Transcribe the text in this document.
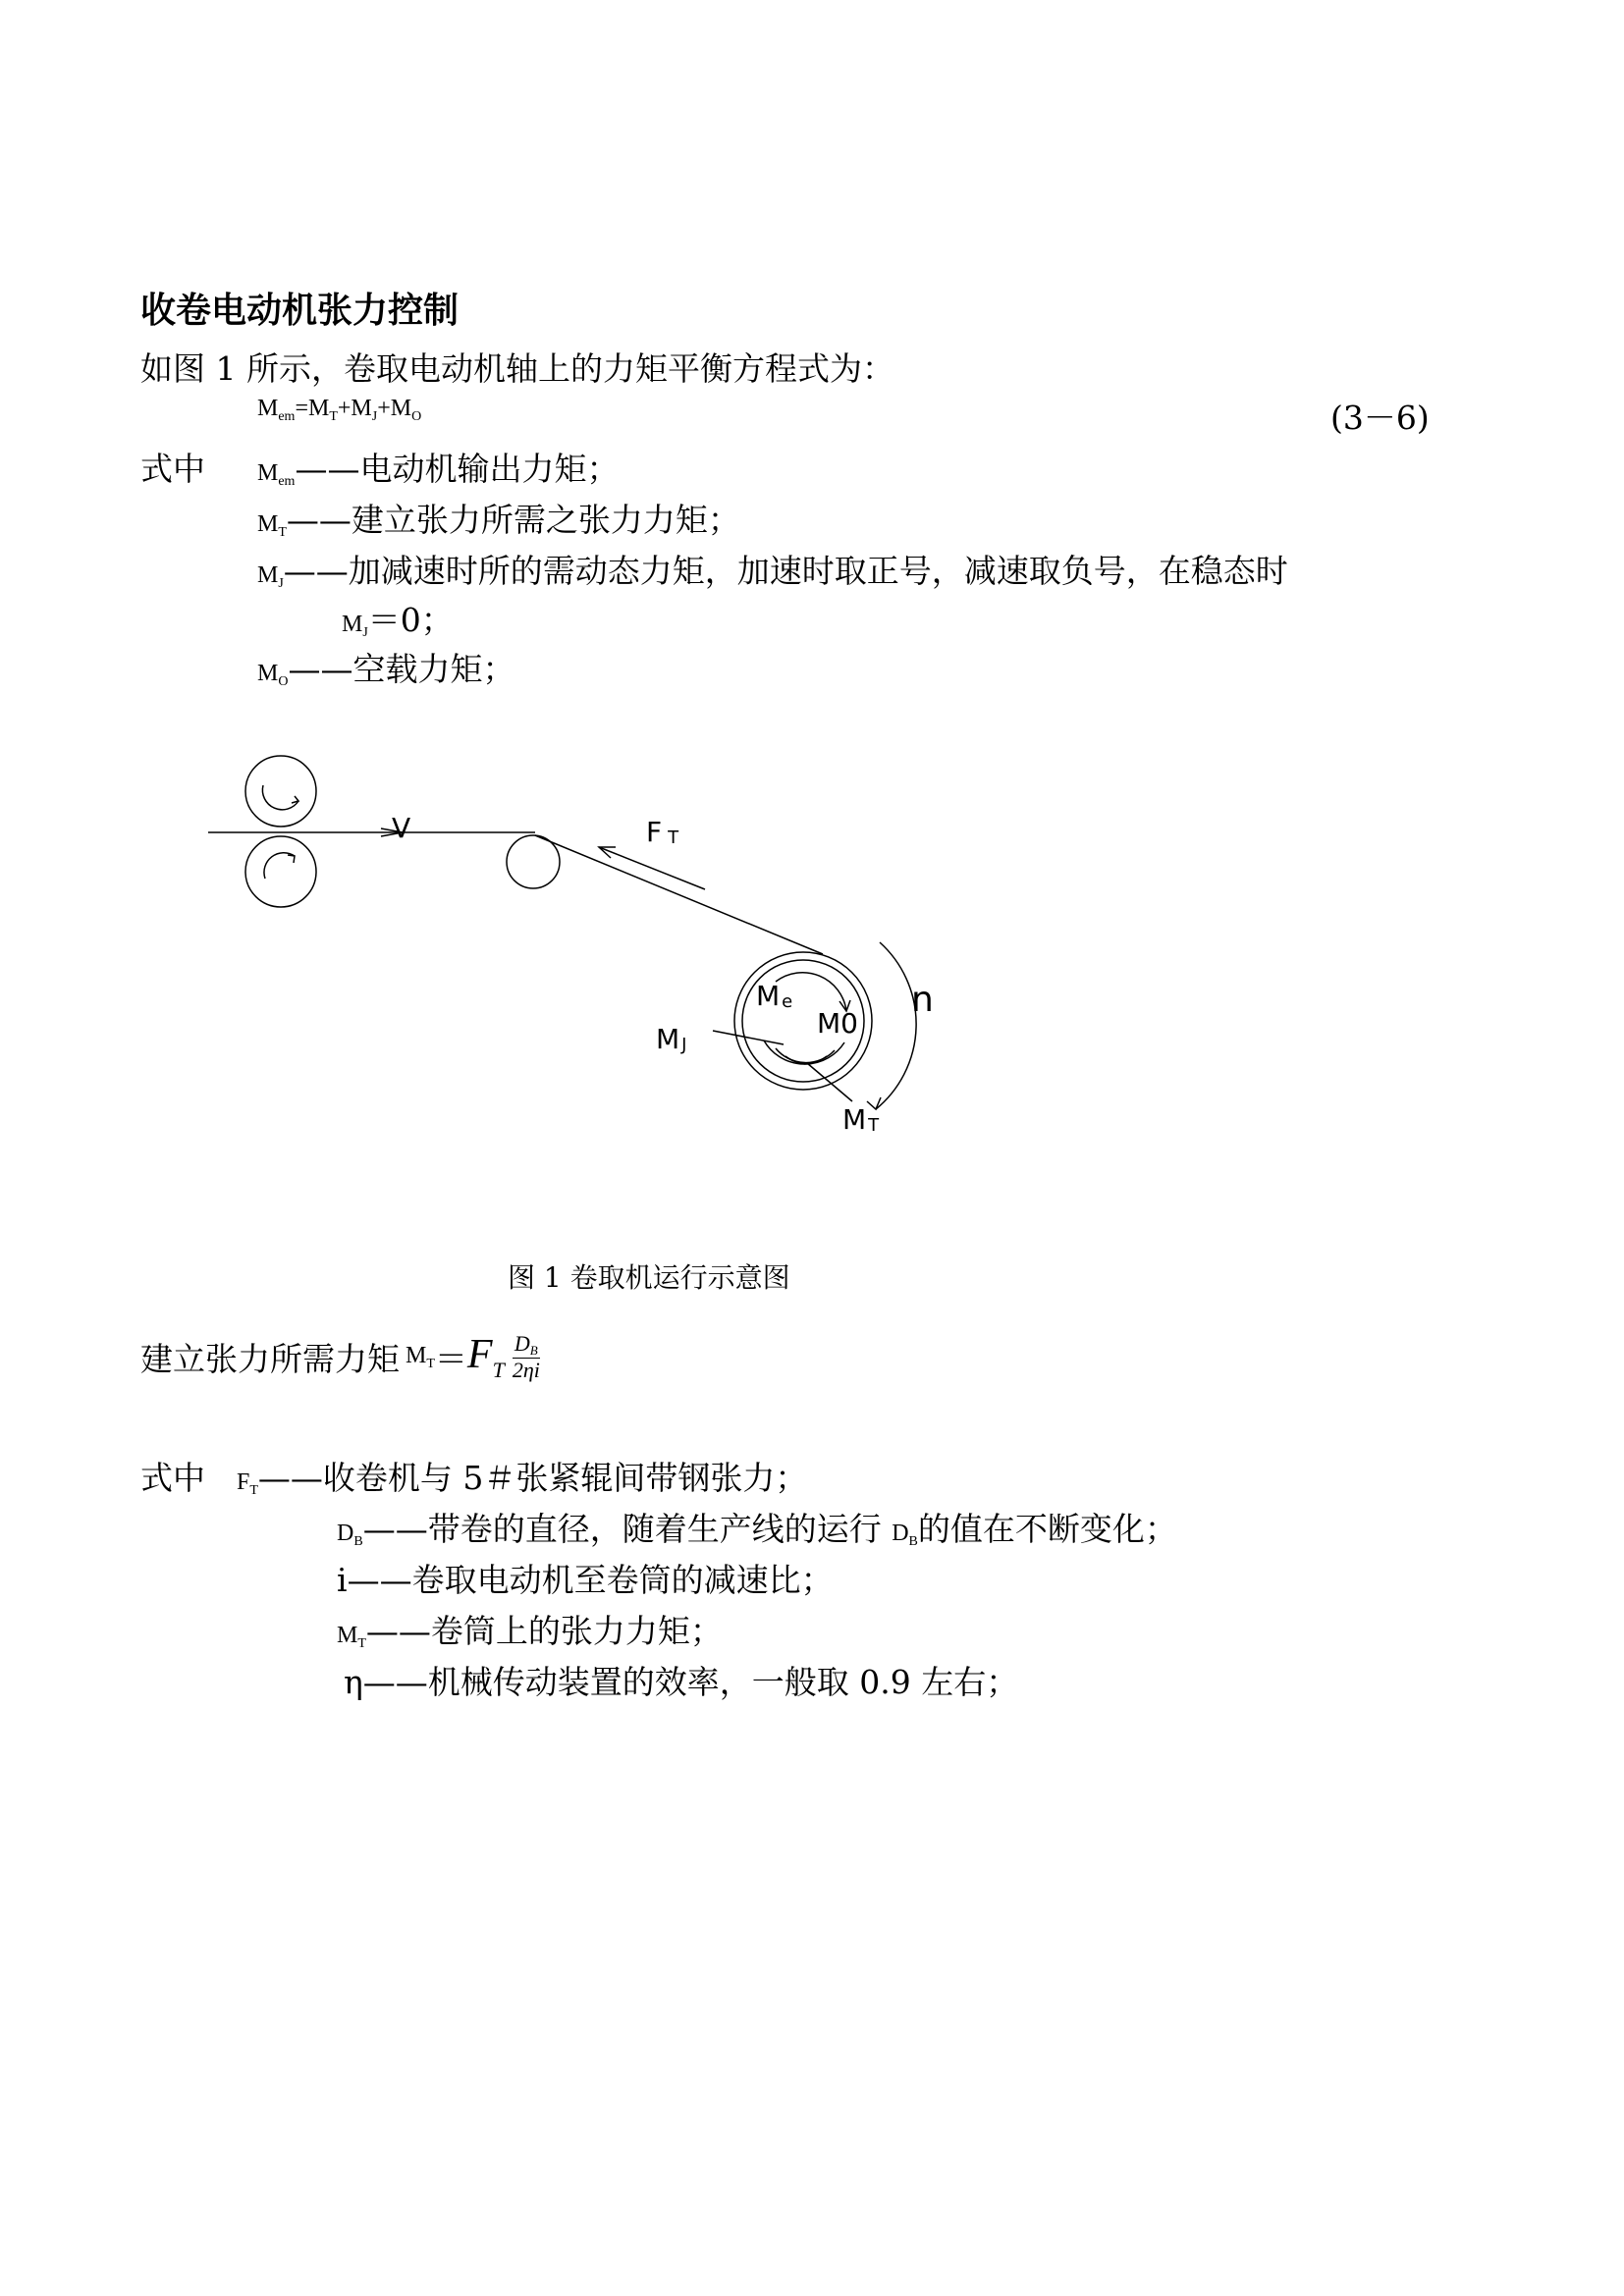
收卷电动机张力控制
如图 1 所示，卷取电动机轴上的力矩平衡方程式为：
$M_{em}=M_T+M_J+M_O$	(3－6)
式中 $M_{em}——$电动机输出力矩；
$M_T——$建立张力所需之张力力矩；
$M_J——$加减速时所的需动态力矩，加速时取正号，减速取负号，在稳态时
$M_J=0$；
$M_O——$空载力矩；
V	F T
Me
M0
n
M J
M T
图 1 卷取机运行示意图
建立张力所需力矩 $M_T = F_T \frac{DB}{2\eta i}$
式中 $F_T——$收卷机与 5＃张紧辊间带钢张力；
$D_B——$带卷的直径，随着生产线的运行 $D_B$的值在不断变化；
i——卷取电动机至卷筒的减速比；
$M_T——$卷筒上的张力力矩；
η——机械传动装置的效率，一般取 0.9 左右；
